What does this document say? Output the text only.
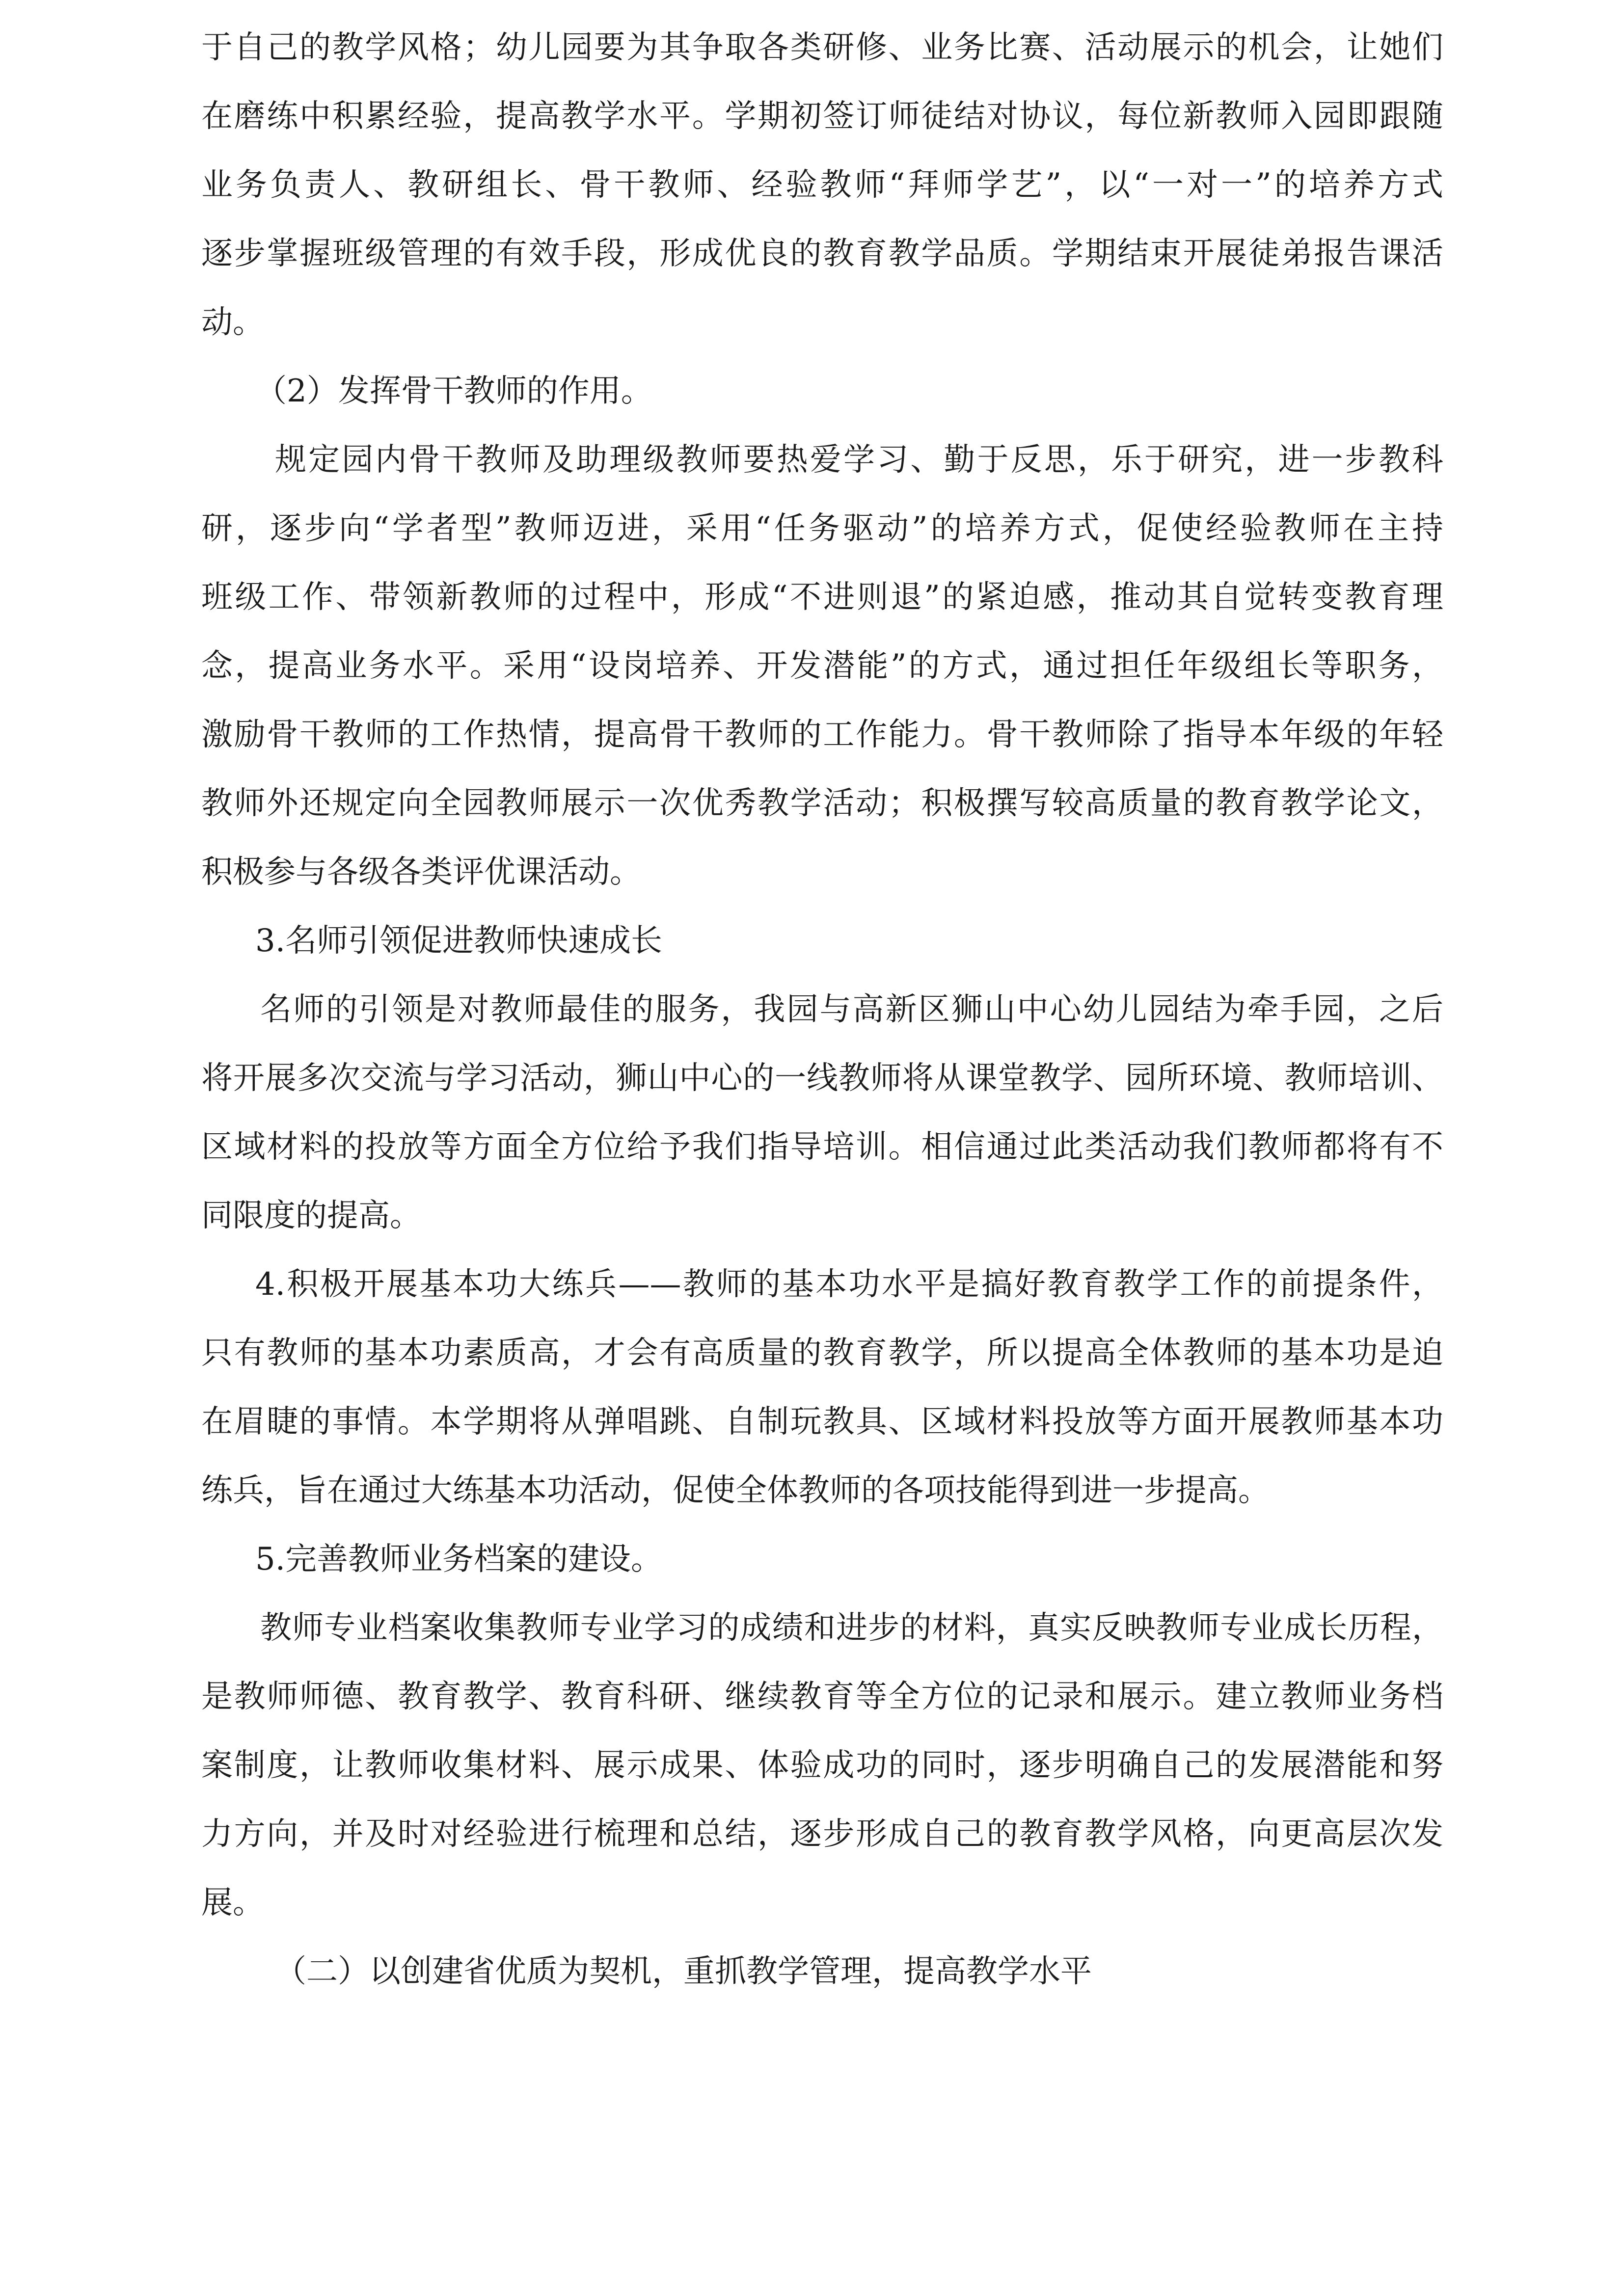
于自己的教学风格；幼儿园要为其争取各类研修、业务比赛、活动展示的机会，让她们
在磨练中积累经验，提高教学水平。学期初签订师徒结对协议，每位新教师入园即跟随
业务负责人、教研组长、骨干教师、经验教师“拜师学艺”，以“一对一”的培养方式
逐步掌握班级管理的有效手段，形成优良的教育教学品质。学期结束开展徒弟报告课活
动。
（2）发挥骨干教师的作用。
规定园内骨干教师及助理级教师要热爱学习、勤于反思，乐于研究，进一步教科
研，逐步向“学者型”教师迈进，采用“任务驱动”的培养方式，促使经验教师在主持
班级工作、带领新教师的过程中，形成“不进则退”的紧迫感，推动其自觉转变教育理
念，提高业务水平。采用“设岗培养、开发潜能”的方式，通过担任年级组长等职务，
激励骨干教师的工作热情，提高骨干教师的工作能力。骨干教师除了指导本年级的年轻
教师外还规定向全园教师展示一次优秀教学活动；积极撰写较高质量的教育教学论文，
积极参与各级各类评优课活动。
3.名师引领促进教师快速成长
名师的引领是对教师最佳的服务，我园与高新区狮山中心幼儿园结为牵手园，之后
将开展多次交流与学习活动，狮山中心的一线教师将从课堂教学、园所环境、教师培训、
区域材料的投放等方面全方位给予我们指导培训。相信通过此类活动我们教师都将有不
同限度的提高。
4.积极开展基本功大练兵——教师的基本功水平是搞好教育教学工作的前提条件，
只有教师的基本功素质高，才会有高质量的教育教学，所以提高全体教师的基本功是迫
在眉睫的事情。本学期将从弹唱跳、自制玩教具、区域材料投放等方面开展教师基本功
练兵，旨在通过大练基本功活动，促使全体教师的各项技能得到进一步提高。
5.完善教师业务档案的建设。
教师专业档案收集教师专业学习的成绩和进步的材料，真实反映教师专业成长历程，
是教师师德、教育教学、教育科研、继续教育等全方位的记录和展示。建立教师业务档
案制度，让教师收集材料、展示成果、体验成功的同时，逐步明确自己的发展潜能和努
力方向，并及时对经验进行梳理和总结，逐步形成自己的教育教学风格，向更高层次发
展。
（二）以创建省优质为契机，重抓教学管理，提高教学水平
